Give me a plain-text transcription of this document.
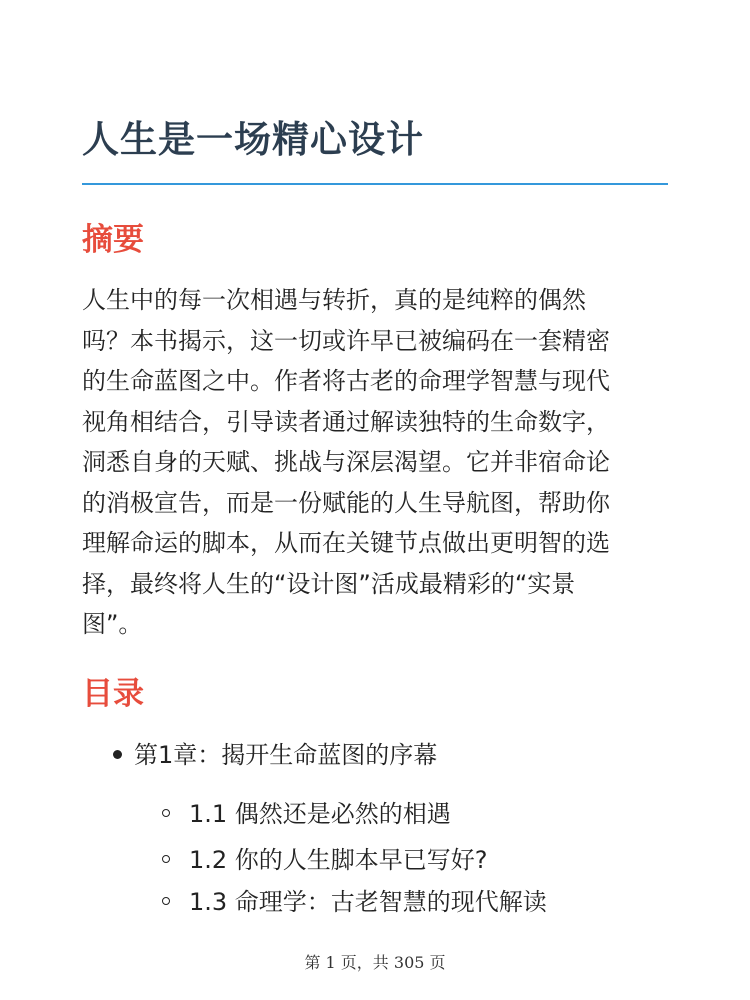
人生是一场精心设计
摘要

人生中的每一次相遇与转折，真的是纯粹的偶然
吗？本书揭示，这一切或许早已被编码在一套精密
的生命蓝图之中。作者将古老的命理学智慧与现代
视角相结合，引导读者通过解读独特的生命数字，
洞悉自身的天赋、挑战与深层渴望。它并非宿命论
的消极宣告，而是一份赋能的人生导航图，帮助你
理解命运的脚本，从而在关键节点做出更明智的选
择，最终将人生的“设计图”活成最精彩的“实景
图”。

目录
第1章：揭开生命蓝图的序幕
1.1 偶然还是必然的相遇
1.2 你的人生脚本早已写好?
1.3 命理学：古老智慧的现代解读
第 1 页，共 305 页
